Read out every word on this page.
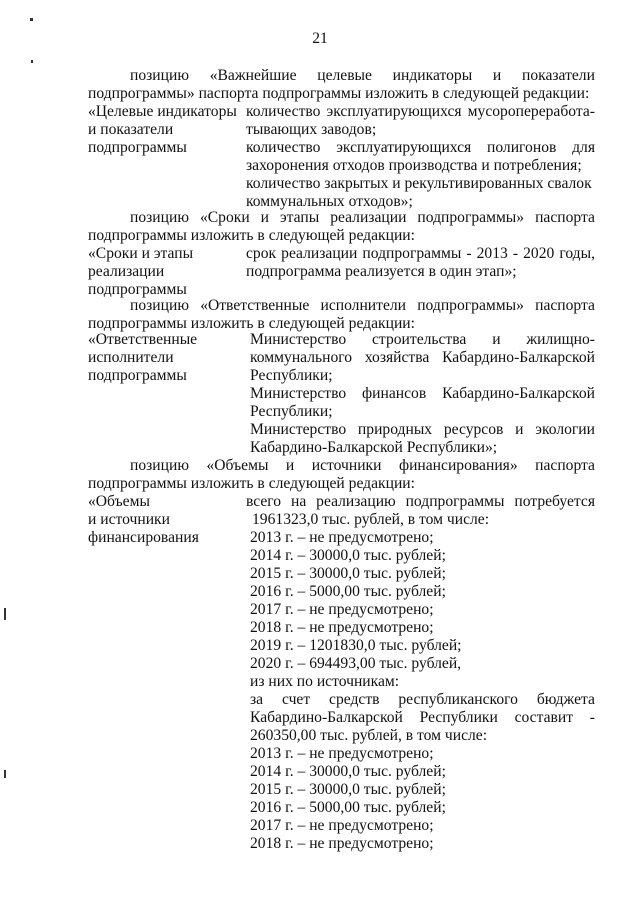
21
позицию «Важнейшие целевые индикаторы и показатели
подпрограммы» паспорта подпрограммы изложить в следующей редакции:
«Целевые индикаторы
и показатели
подпрограммы
количество эксплуатирующихся мусоропереработа-
тывающих заводов;
количество эксплуатирующихся полигонов для
захоронения отходов производства и потребления;
количество закрытых и рекультивированных свалок
коммунальных отходов»;
позицию «Сроки и этапы реализации подпрограммы» паспорта
подпрограммы изложить в следующей редакции:
«Сроки и этапы
реализации
подпрограммы
срок реализации подпрограммы - 2013 - 2020 годы,
подпрограмма реализуется в один этап»;
позицию «Ответственные исполнители подпрограммы» паспорта
подпрограммы изложить в следующей редакции:
«Ответственные
исполнители
подпрограммы
Министерство строительства и жилищно-
коммунального хозяйства Кабардино-Балкарской
Республики;
Министерство финансов Кабардино-Балкарской
Республики;
Министерство природных ресурсов и экологии
Кабардино-Балкарской Республики»;
позицию «Объемы и источники финансирования» паспорта
подпрограммы изложить в следующей редакции:
«Объемы
и источники
финансирования
всего на реализацию подпрограммы потребуется
1961323,0 тыс. рублей, в том числе:
2013 г. – не предусмотрено;
2014 г. – 30000,0 тыс. рублей;
2015 г. – 30000,0 тыс. рублей;
2016 г. – 5000,00 тыс. рублей;
2017 г. – не предусмотрено;
2018 г. – не предусмотрено;
2019 г. – 1201830,0 тыс. рублей;
2020 г. – 694493,00 тыс. рублей,
из них по источникам:
за счет средств республиканского бюджета
Кабардино-Балкарской Республики составит -
260350,00 тыс. рублей, в том числе:
2013 г. – не предусмотрено;
2014 г. – 30000,0 тыс. рублей;
2015 г. – 30000,0 тыс. рублей;
2016 г. – 5000,00 тыс. рублей;
2017 г. – не предусмотрено;
2018 г. – не предусмотрено;
